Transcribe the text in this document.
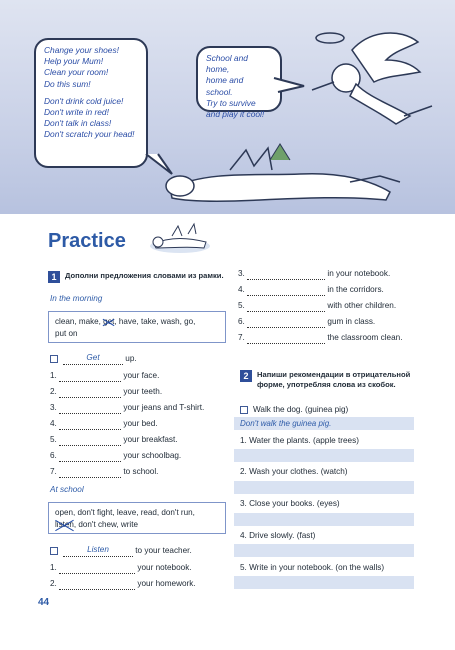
Change your shoes!
Help your Mum!
Clean your room!
Do this sum!
Don't drink cold juice!
Don't write in red!
Don't talk in class!
Don't scratch your head!
School and home,
home and school.
Try to survive
and play it cool!
Practice
1	Дополни предложения словами из рамки.
In the morning
clean, make, get, have, take, wash, go,
put on
Get	up.
1.	your face.
2.	your teeth.
3.	your jeans and T-shirt.
4.	your bed.
5.	your breakfast.
6.	your schoolbag.
7.	to school.
At school
open, don't fight, leave, read, don't run,
listen, don't chew, write
Listen	to your teacher.
1.	your notebook.
2.	your homework.
3.	in your notebook.
4.	in the corridors.
5.	with other children.
6.	gum in class.
7.	the classroom clean.
2	Напиши рекомендации в отрицательной
форме, употребляя слова из скобок.
Walk the dog. (guinea pig)
Don't walk the guinea pig.
1. Water the plants. (apple trees)
2. Wash your clothes. (watch)
3. Close your books. (eyes)
4. Drive slowly. (fast)
5. Write in your notebook. (on the walls)
44
